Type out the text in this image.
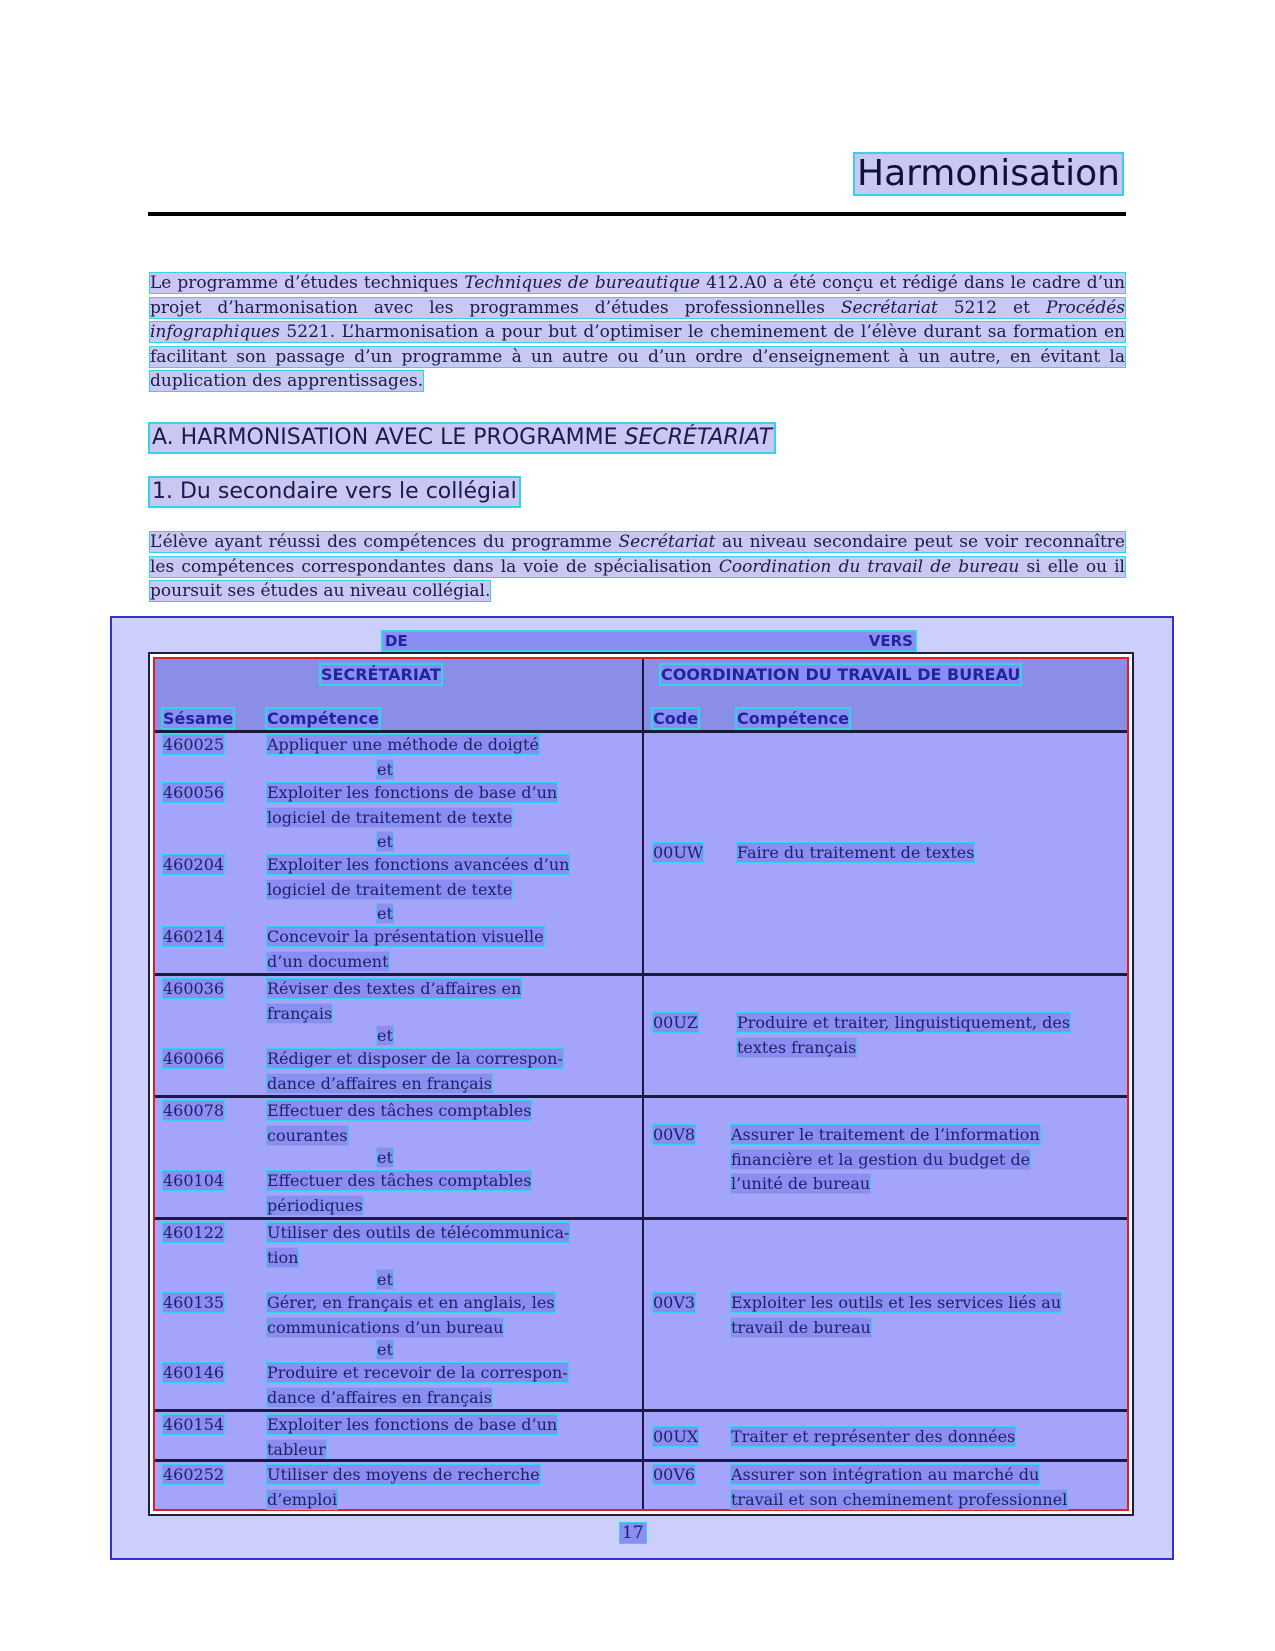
Harmonisation
Le programme d’études techniques Techniques de bureautique 412.A0 a été conçu et rédigé dans le cadre d’un projet d’harmonisation avec les programmes d’études professionnelles Secrétariat 5212 et Procédés infographiques 5221. L’harmonisation a pour but d’optimiser le cheminement de l’élève durant sa formation en facilitant son passage d’un programme à un autre ou d’un ordre d’enseignement à un autre, en évitant la duplication des apprentissages.
A. HARMONISATION AVEC LE PROGRAMME SECRÉTARIAT
1. Du secondaire vers le collégial
L’élève ayant réussi des compétences du programme Secrétariat au niveau secondaire peut se voir reconnaître les compétences correspondantes dans la voie de spécialisation Coordination du travail de bureau si elle ou il poursuit ses études au niveau collégial.
DE	VERS
SECRÉTARIAT	COORDINATION DU TRAVAIL DE BUREAU
Sésame Compétence	Code Compétence
460025	Appliquer une méthode de doigté
et
460056	Exploiter les fonctions de base d’un
logiciel de traitement de texte
et
460204	Exploiter les fonctions avancées d’un
logiciel de traitement de texte
et
460214	Concevoir la présentation visuelle
d’un document
00UW Faire du traitement de textes
460036	Réviser des textes d’affaires en
français
et
460066	Rédiger et disposer de la correspon-
dance d’affaires en français
00UZ Produire et traiter, linguistiquement, des
textes français
460078	Effectuer des tâches comptables
courantes
et
460104	Effectuer des tâches comptables
périodiques
00V8 Assurer le traitement de l’information
financière et la gestion du budget de
l’unité de bureau
460122	Utiliser des outils de télécommunica-
tion
et
460135	Gérer, en français et en anglais, les
communications d’un bureau
et
460146	Produire et recevoir de la correspon-
dance d’affaires en français
00V3 Exploiter les outils et les services liés au
travail de bureau
460154	Exploiter les fonctions de base d’un
tableur
00UX Traiter et représenter des données
460252	Utiliser des moyens de recherche
d’emploi
00V6 Assurer son intégration au marché du
travail et son cheminement professionnel
17
